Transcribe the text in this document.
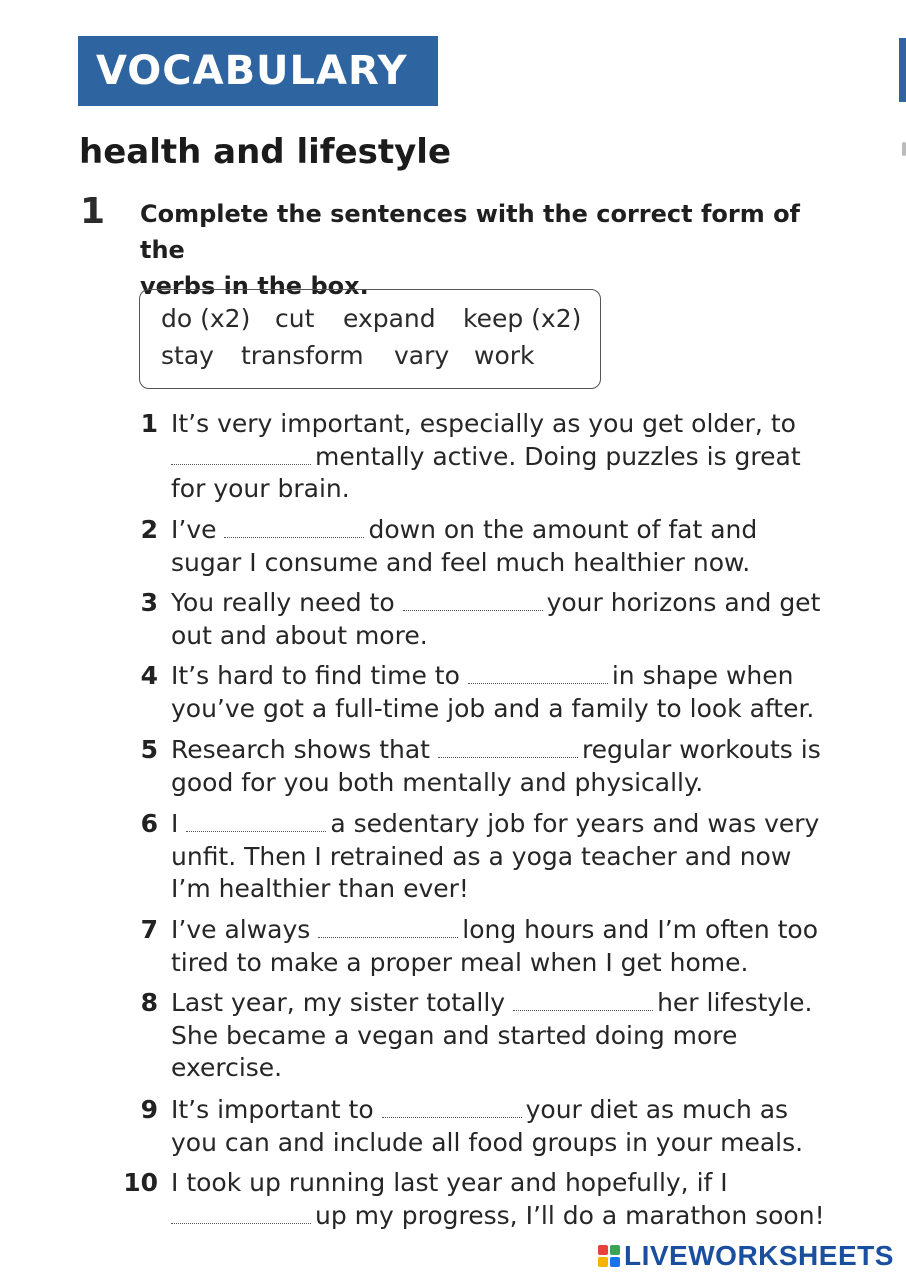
VOCABULARY
health and lifestyle
1 Complete the sentences with the correct form of the
verbs in the box.
do (x2) cut expand keep (x2)
stay transform vary work
1 It’s very important, especially as you get older, to
mentally active. Doing puzzles is great
for your brain.
2 I’ve	down on the amount of fat and
sugar I consume and feel much healthier now.
3 You really need to	your horizons and get
out and about more.
4 It’s hard to find time to	in shape when
you’ve got a full-time job and a family to look after.
5 Research shows that	regular workouts is
good for you both mentally and physically.
6 I	a sedentary job for years and was very
unfit. Then I retrained as a yoga teacher and now
I’m healthier than ever!
7 I’ve always	long hours and I’m often too
tired to make a proper meal when I get home.
8 Last year, my sister totally	her lifestyle.
She became a vegan and started doing more
exercise.
9 It’s important to	your diet as much as
you can and include all food groups in your meals.
10 I took up running last year and hopefully, if I
up my progress, I’ll do a marathon soon!
LIVEWORKSHEETS
